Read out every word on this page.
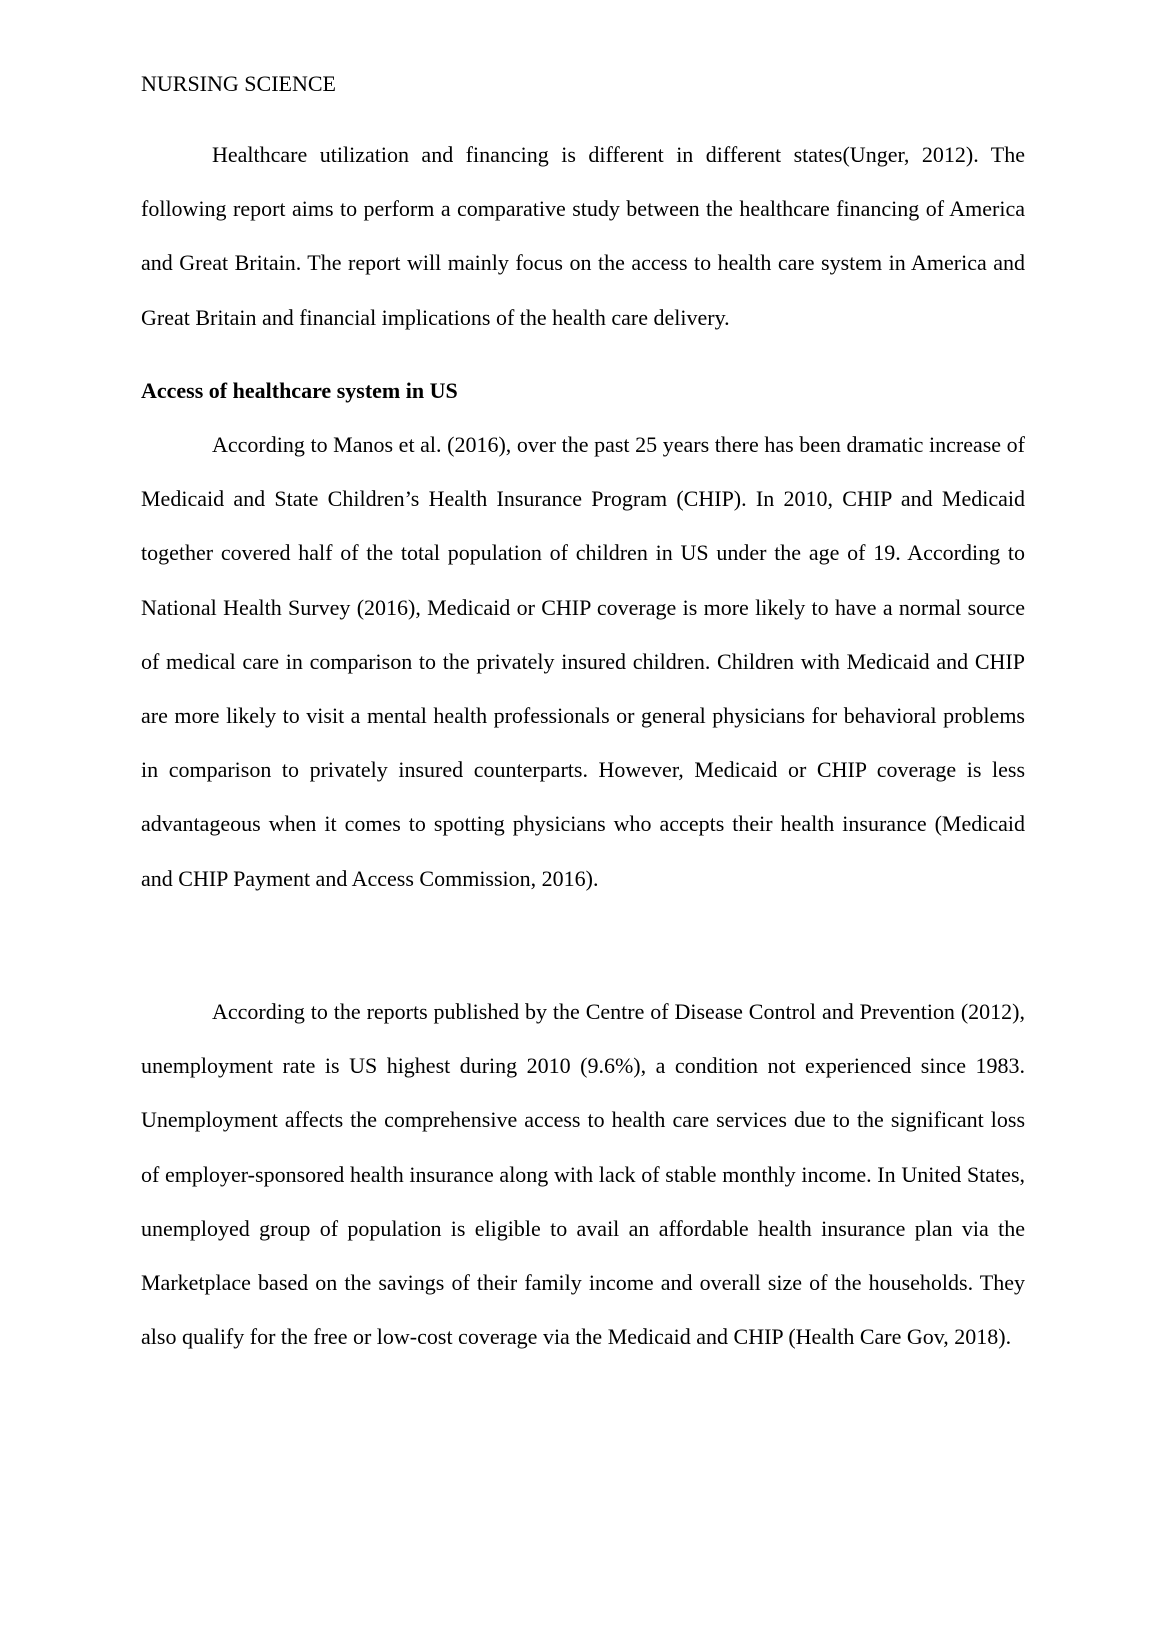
NURSING SCIENCE

Healthcare utilization and financing is different in different states(Unger, 2012). The following report aims to perform a comparative study between the healthcare financing of America and Great Britain. The report will mainly focus on the access to health care system in America and Great Britain and financial implications of the health care delivery.

Access of healthcare system in US

According to Manos et al. (2016), over the past 25 years there has been dramatic increase of Medicaid and State Children’s Health Insurance Program (CHIP). In 2010, CHIP and Medicaid together covered half of the total population of children in US under the age of 19. According to National Health Survey (2016), Medicaid or CHIP coverage is more likely to have a normal source of medical care in comparison to the privately insured children. Children with Medicaid and CHIP are more likely to visit a mental health professionals or general physicians for behavioral problems in comparison to privately insured counterparts. However, Medicaid or CHIP coverage is less advantageous when it comes to spotting physicians who accepts their health insurance (Medicaid and CHIP Payment and Access Commission, 2016).

According to the reports published by the Centre of Disease Control and Prevention (2012), unemployment rate is US highest during 2010 (9.6%), a condition not experienced since 1983. Unemployment affects the comprehensive access to health care services due to the significant loss of employer-sponsored health insurance along with lack of stable monthly income. In United States, unemployed group of population is eligible to avail an affordable health insurance plan via the Marketplace based on the savings of their family income and overall size of the households. They also qualify for the free or low-cost coverage via the Medicaid and CHIP (Health Care Gov, 2018).
